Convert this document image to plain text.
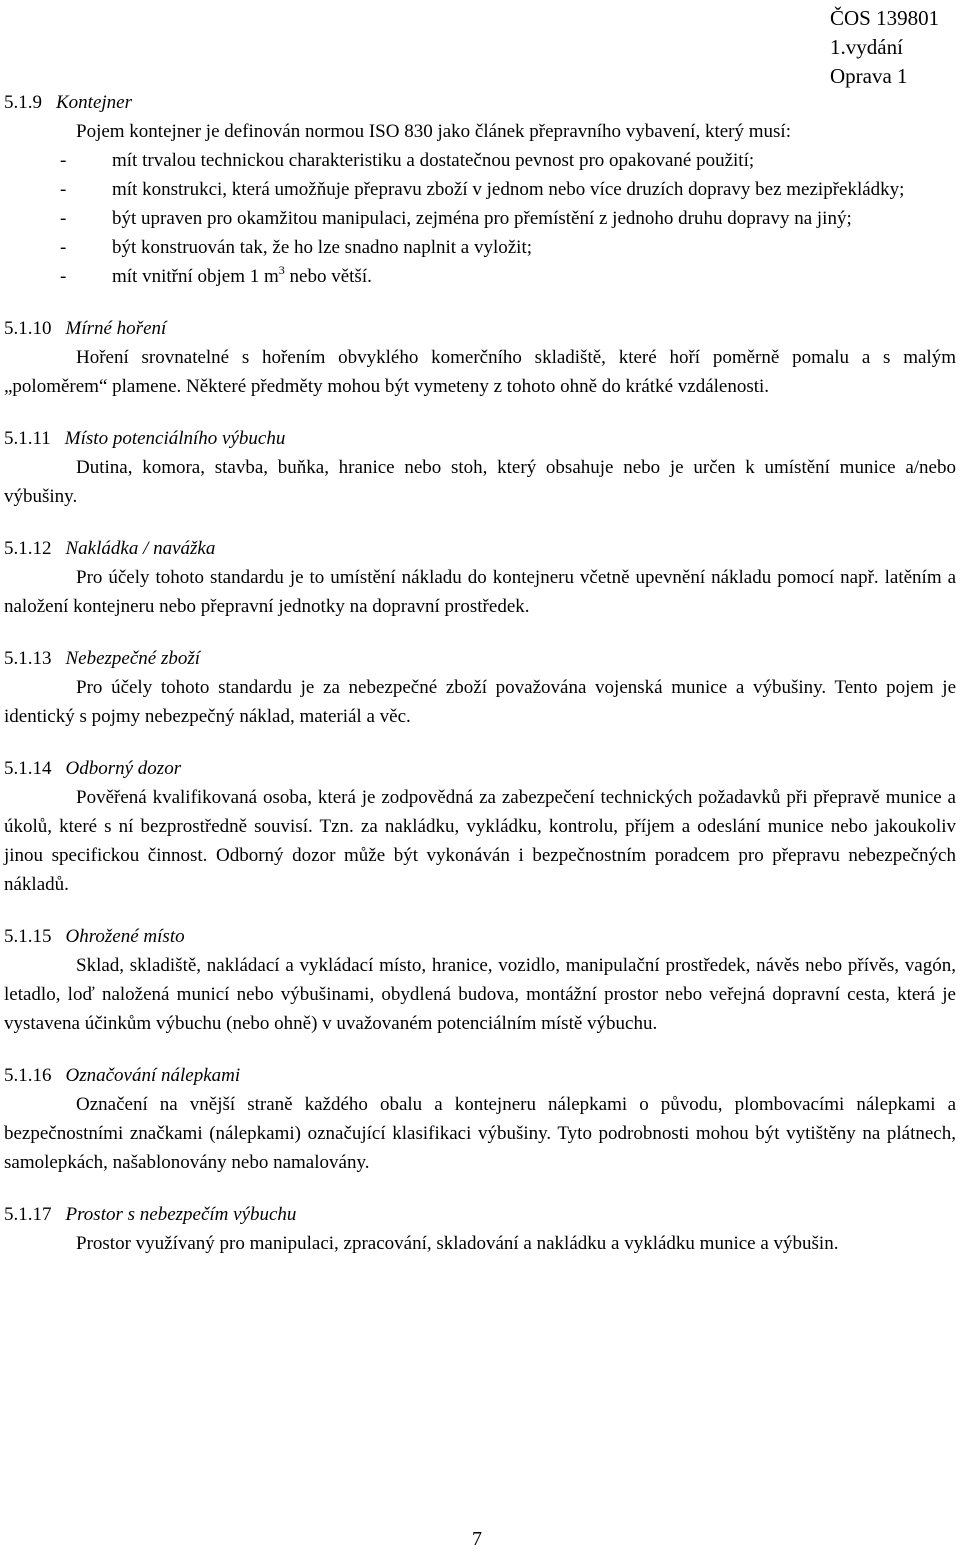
ČOS 139801
1.vydání
Oprava 1
5.1.9 Kontejner

Pojem kontejner je definován normou ISO 830 jako článek přepravního vybavení, který musí:

- mít trvalou technickou charakteristiku a dostatečnou pevnost pro opakované použití;
- mít konstrukci, která umožňuje přepravu zboží v jednom nebo více druzích dopravy bez mezipřekládky;
- být upraven pro okamžitou manipulaci, zejména pro přemístění z jednoho druhu dopravy na jiný;
- být konstruován tak, že ho lze snadno naplnit a vyložit;
- mít vnitřní objem 1 $m^3$ nebo větší.
5.1.10 Mírné hoření

Hoření srovnatelné s hořením obvyklého komerčního skladiště, které hoří poměrně pomalu a s malým „poloměrem“ plamene. Některé předměty mohou být vymeteny z tohoto ohně do krátké vzdálenosti.

5.1.11 Místo potenciálního výbuchu

Dutina, komora, stavba, buňka, hranice nebo stoh, který obsahuje nebo je určen k umístění munice a/nebo výbušiny.

5.1.12 Nakládka / navážka

Pro účely tohoto standardu je to umístění nákladu do kontejneru včetně upevnění nákladu pomocí např. latěním a naložení kontejneru nebo přepravní jednotky na dopravní prostředek.

5.1.13 Nebezpečné zboží

Pro účely tohoto standardu je za nebezpečné zboží považována vojenská munice a výbušiny. Tento pojem je identický s pojmy nebezpečný náklad, materiál a věc.

5.1.14 Odborný dozor

Pověřená kvalifikovaná osoba, která je zodpovědná za zabezpečení technických požadavků při přepravě munice a úkolů, které s ní bezprostředně souvisí. Tzn. za nakládku, vykládku, kontrolu, příjem a odeslání munice nebo jakoukoliv jinou specifickou činnost. Odborný dozor může být vykonáván i bezpečnostním poradcem pro přepravu nebezpečných nákladů.

5.1.15 Ohrožené místo

Sklad, skladiště, nakládací a vykládací místo, hranice, vozidlo, manipulační prostředek, návěs nebo přívěs, vagón, letadlo, loď naložená municí nebo výbušinami, obydlená budova, montážní prostor nebo veřejná dopravní cesta, která je vystavena účinkům výbuchu (nebo ohně) v uvažovaném potenciálním místě výbuchu.

5.1.16 Označování nálepkami

Označení na vnější straně každého obalu a kontejneru nálepkami o původu, plombovacími nálepkami a bezpečnostními značkami (nálepkami) označující klasifikaci výbušiny. Tyto podrobnosti mohou být vytištěny na plátnech, samolepkách, našablonovány nebo namalovány.

5.1.17 Prostor s nebezpečím výbuchu

Prostor využívaný pro manipulaci, zpracování, skladování a nakládku a vykládku munice a výbušin.

7
